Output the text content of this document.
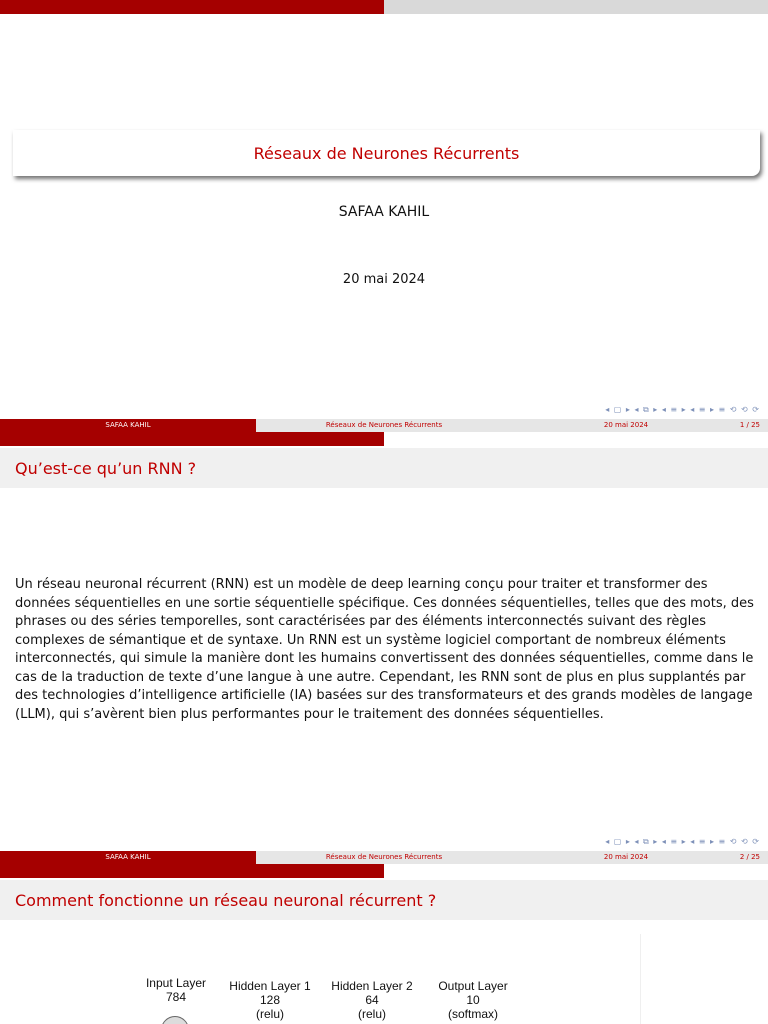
Réseaux de Neurones Récurrents
SAFAA KAHIL
20 mai 2024
◂ ▢ ▸ ◂ ⧉ ▸ ◂ ≡ ▸ ◂ ≡ ▸ ≡ ⟲ ⟲ ⟳
SAFAA KAHIL	Réseaux de Neurones Récurrents	20 mai 2024	1 / 25
Qu’est-ce qu’un RNN ?
Un réseau neuronal récurrent (RNN) est un modèle de deep learning conçu pour traiter et transformer des données séquentielles en une sortie séquentielle spécifique. Ces données séquentielles, telles que des mots, des phrases ou des séries temporelles, sont caractérisées par des éléments interconnectés suivant des règles complexes de sémantique et de syntaxe. Un RNN est un système logiciel comportant de nombreux éléments interconnectés, qui simule la manière dont les humains convertissent des données séquentielles, comme dans le cas de la traduction de texte d’une langue à une autre. Cependant, les RNN sont de plus en plus supplantés par des technologies d’intelligence artificielle (IA) basées sur des transformateurs et des grands modèles de langage (LLM), qui s’avèrent bien plus performantes pour le traitement des données séquentielles.
◂ ▢ ▸ ◂ ⧉ ▸ ◂ ≡ ▸ ◂ ≡ ▸ ≡ ⟲ ⟲ ⟳
SAFAA KAHIL	Réseaux de Neurones Récurrents	20 mai 2024	2 / 25
Comment fonctionne un réseau neuronal récurrent ?
Input Layer
784
Hidden Layer 1
128
(relu)
Hidden Layer 2
64
(relu)
Output Layer
10
(softmax)
